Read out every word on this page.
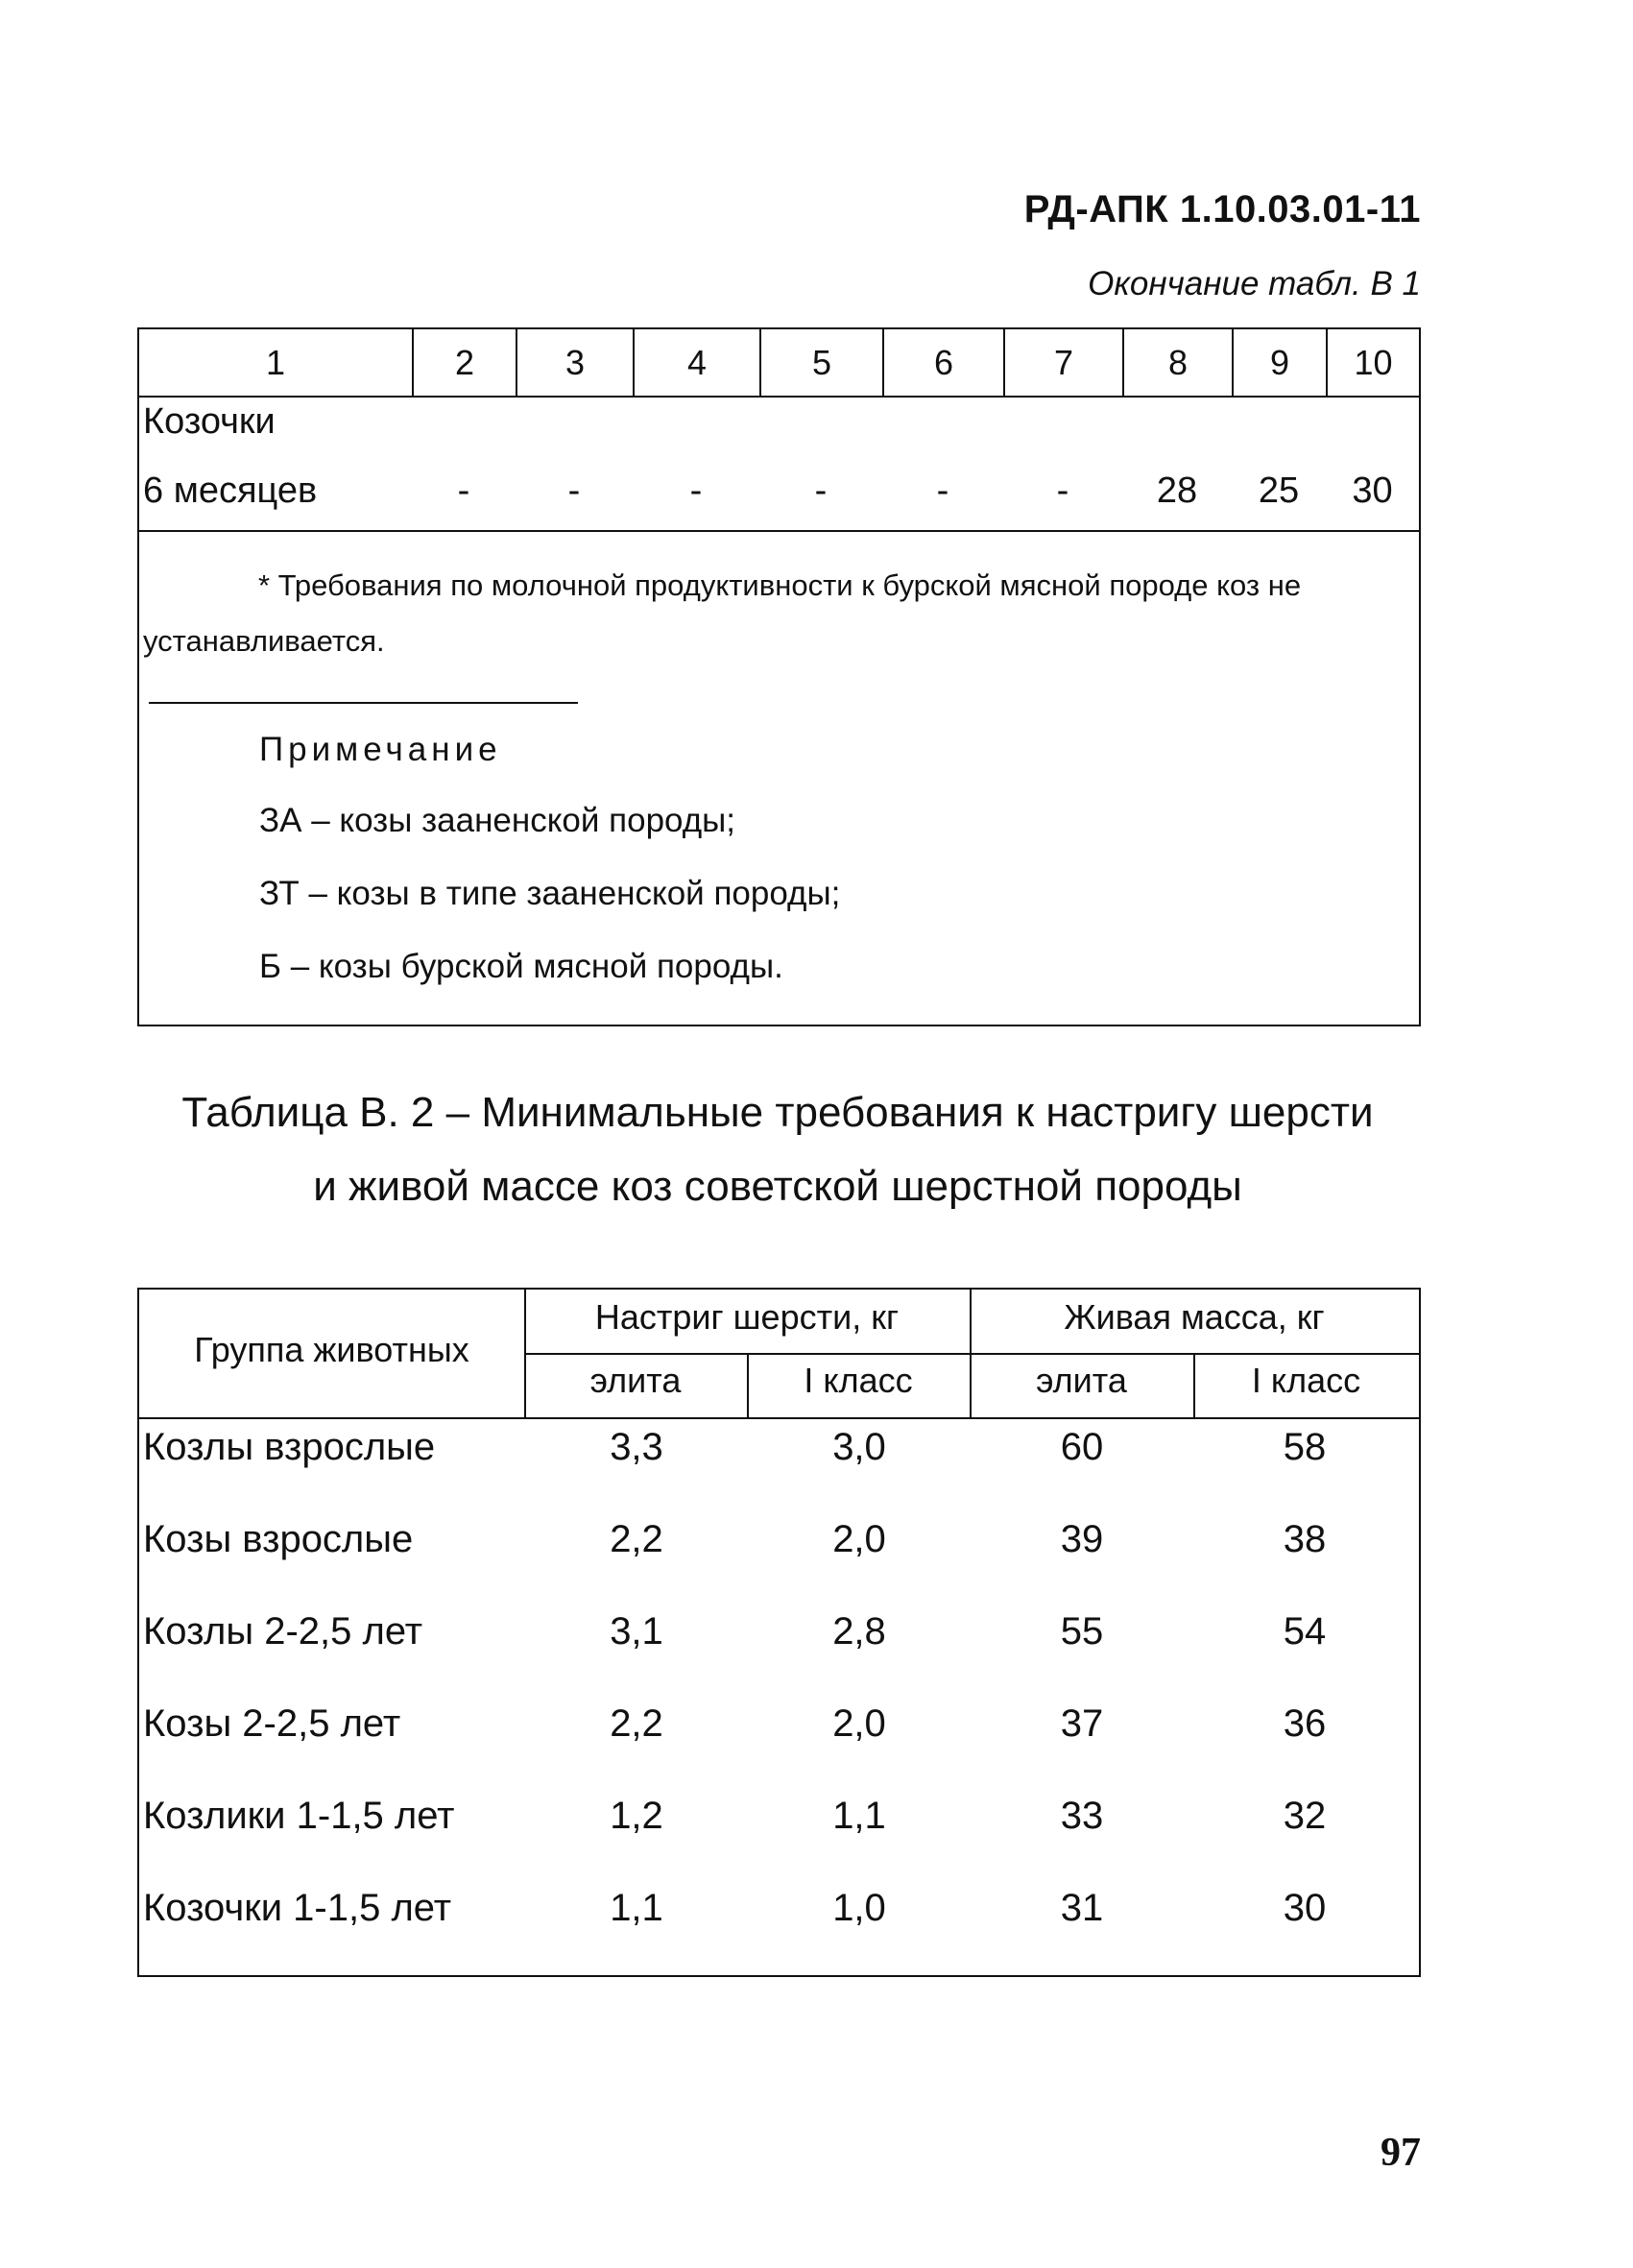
РД-АПК 1.10.03.01-11
Окончание табл. В 1
1	2	3	4	5	6	7	8	9	10
Козочки
6 месяцев	-	-	-	-	-	-	28	25	30
* Требования по молочной продуктивности к бурской мясной породе коз не
устанавливается.
Примечание
ЗА – козы зааненской породы;
ЗТ – козы в типе зааненской породы;
Б – козы бурской мясной породы.
Таблица В. 2 – Минимальные требования к настригу шерсти
и живой массе коз советской шерстной породы
Группа животных
Настриг шерсти, кг	Живая масса, кг
элита	I класс	элита	I класс
Козлы взрослые	3,3	3,0	60	58
Козы взрослые	2,2	2,0	39	38
Козлы 2-2,5 лет	3,1	2,8	55	54
Козы 2-2,5 лет	2,2	2,0	37	36
Козлики 1-1,5 лет	1,2	1,1	33	32
Козочки 1-1,5 лет	1,1	1,0	31	30
97
